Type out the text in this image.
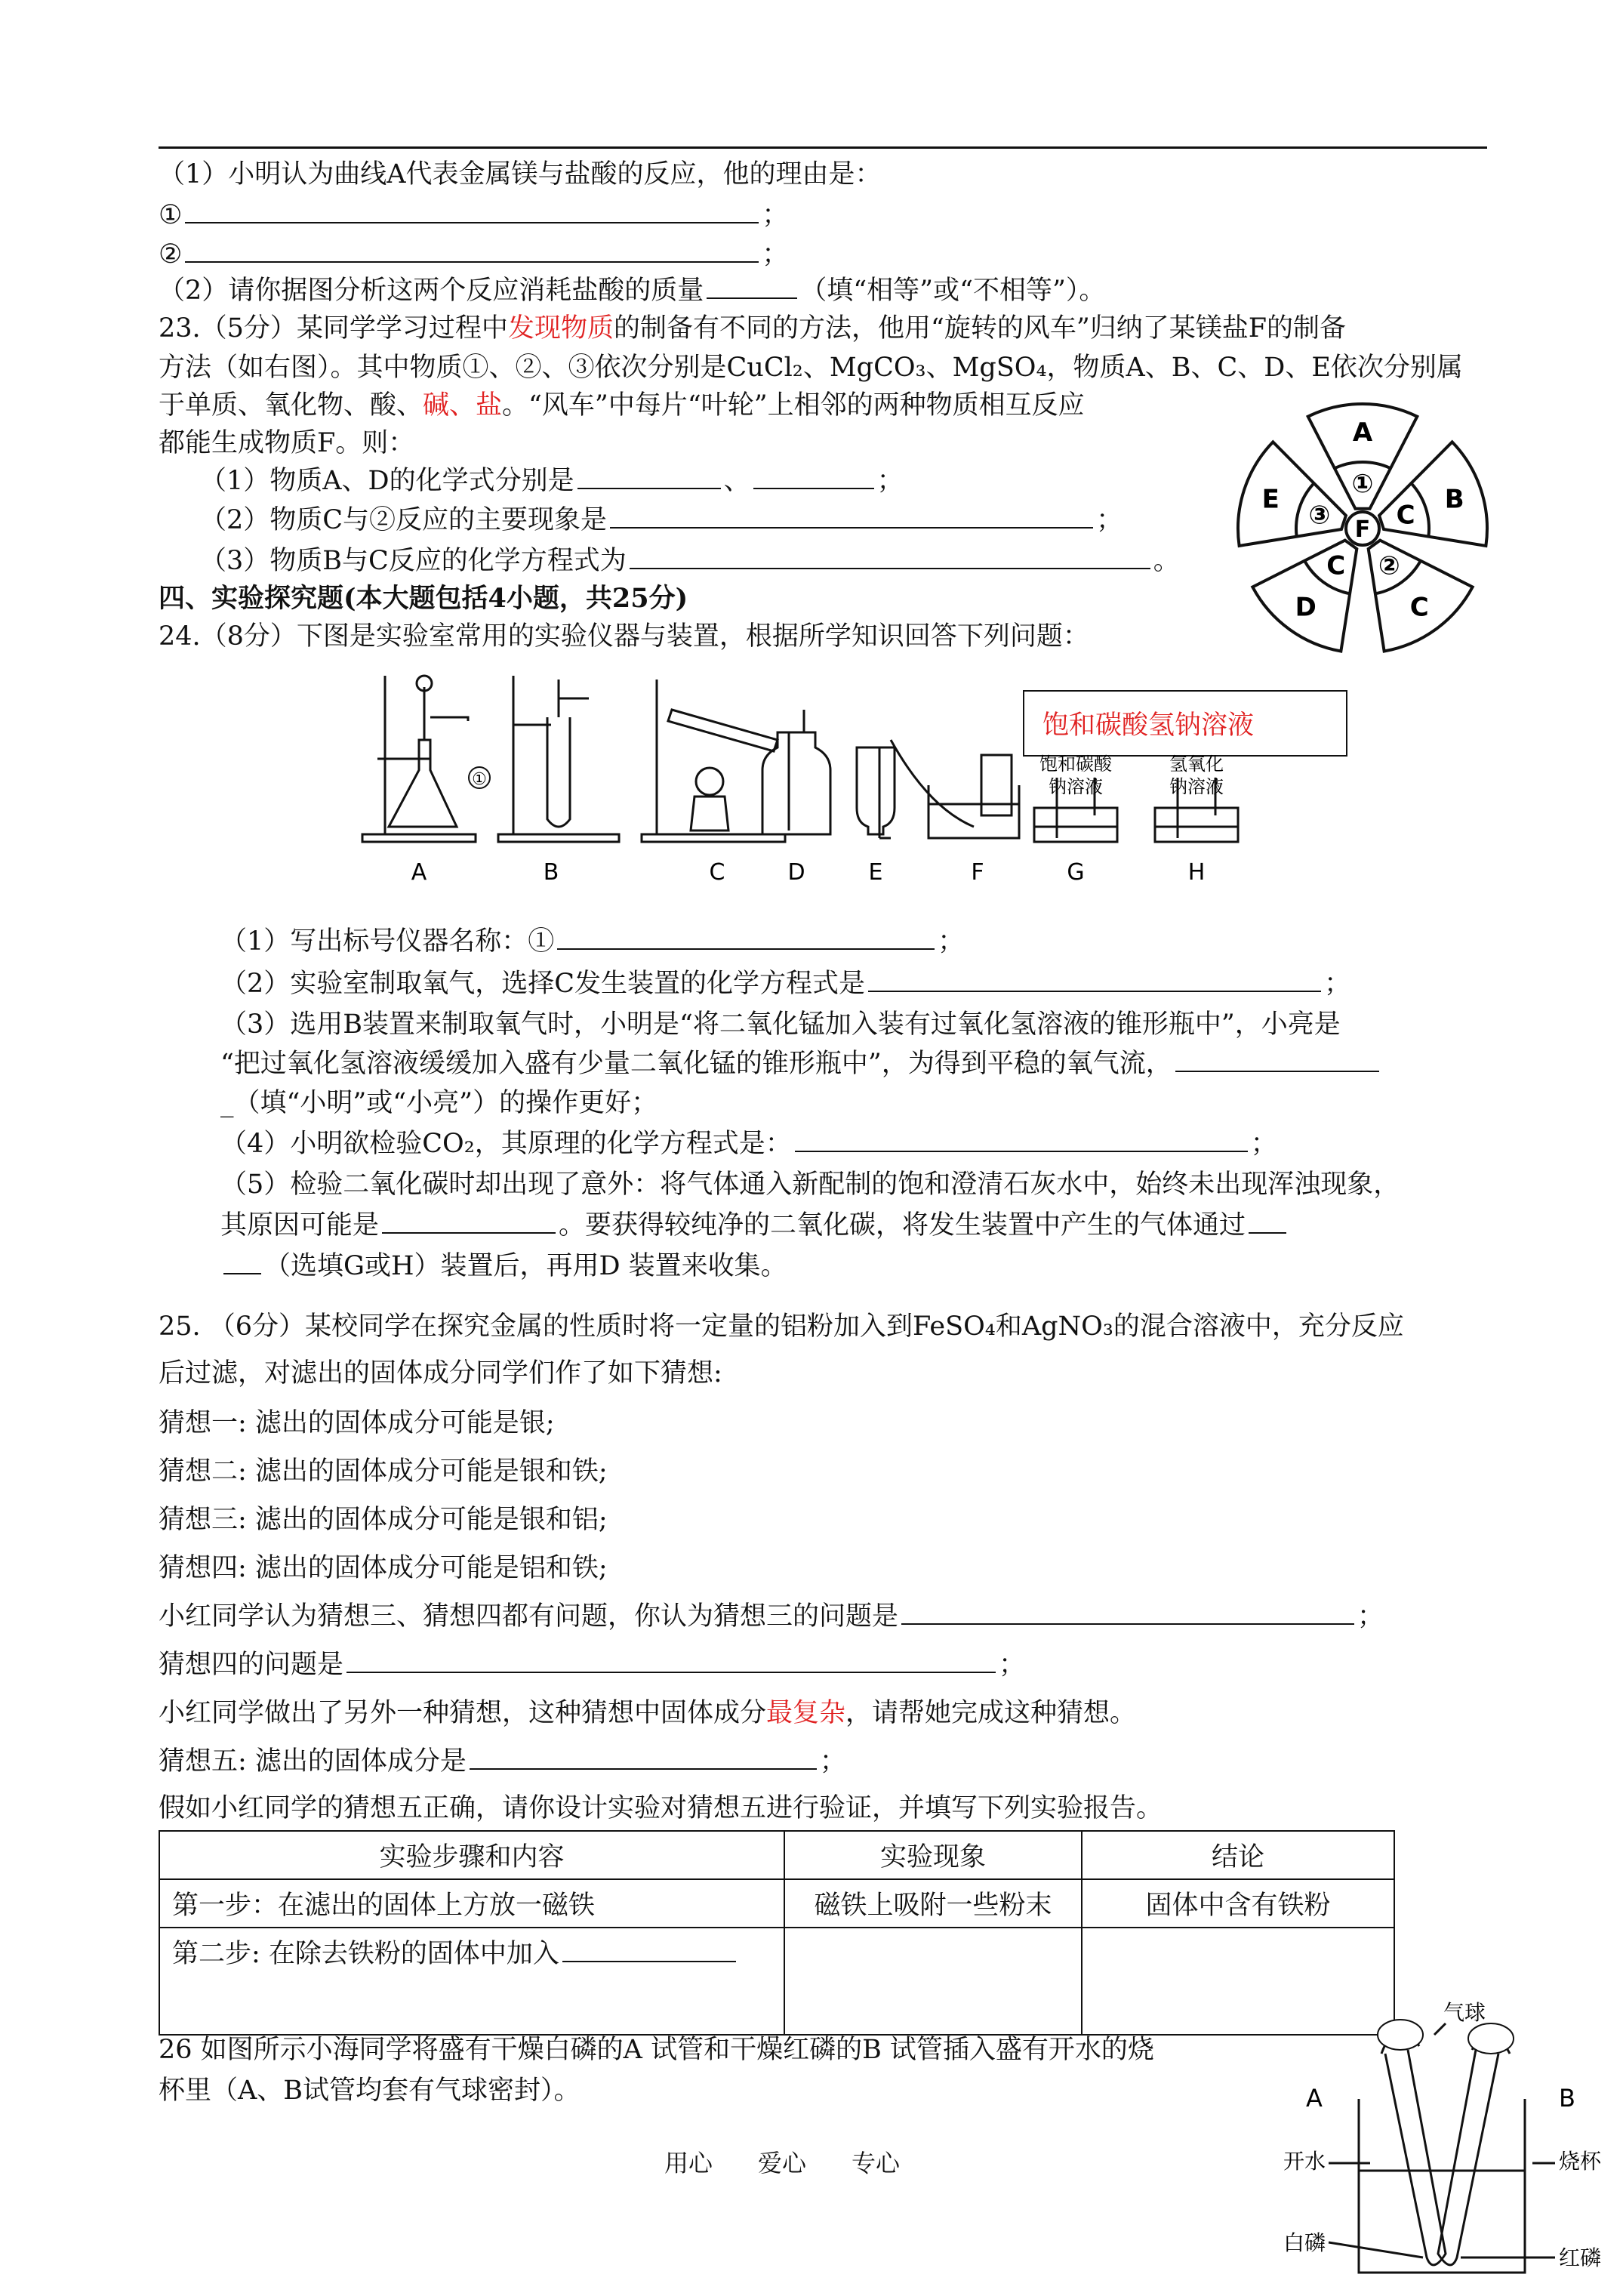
（1）小明认为曲线A代表金属镁与盐酸的反应，他的理由是：
①	；
②	；
（2）请你据图分析这两个反应消耗盐酸的质量	（填“相等”或“不相等”）。
23.（5分）某同学学习过程中发现物质的制备有不同的方法，他用“旋转的风车”归纳了某镁盐F的制备
方法（如右图）。其中物质①、②、③依次分别是CuCl₂、MgCO₃、MgSO₄，物质A、B、C、D、E依次分别属
于单质、氧化物、酸、碱、盐。“风车”中每片“叶轮”上相邻的两种物质相互反应
都能生成物质F。则：
（1）物质A、D的化学式分别是	、	；
（2）物质C与②反应的主要现象是	；
（3）物质B与C反应的化学方程式为	。
F
A
①
B
C
C
②
D
C
E
③
四、实验探究题(本大题包括4小题，共25分)
24.（8分）下图是实验室常用的实验仪器与装置，根据所学知识回答下列问题：
饱和碳酸氢钠溶液
①
饱和碳酸
钠溶液
氢氧化
钠溶液
A	B	C	D	E	F	G	H
（1）写出标号仪器名称：①	；
（2）实验室制取氧气，选择C发生装置的化学方程式是	；
（3）选用B装置来制取氧气时，小明是“将二氧化锰加入装有过氧化氢溶液的锥形瓶中”，小亮是
“把过氧化氢溶液缓缓加入盛有少量二氧化锰的锥形瓶中”，为得到平稳的氧气流，
_（填“小明”或“小亮”）的操作更好；
（4）小明欲检验CO₂，其原理的化学方程式是：	；
（5）检验二氧化碳时却出现了意外：将气体通入新配制的饱和澄清石灰水中，始终未出现浑浊现象，
其原因可能是	。要获得较纯净的二氧化碳，将发生装置中产生的气体通过
（选填G或H）装置后，再用D 装置来收集。
25. （6分）某校同学在探究金属的性质时将一定量的铝粉加入到FeSO₄和AgNO₃的混合溶液中，充分反应
后过滤，对滤出的固体成分同学们作了如下猜想:
猜想一: 滤出的固体成分可能是银;
猜想二: 滤出的固体成分可能是银和铁;
猜想三: 滤出的固体成分可能是银和铝;
猜想四: 滤出的固体成分可能是铝和铁;
小红同学认为猜想三、猜想四都有问题，你认为猜想三的问题是	；
猜想四的问题是	；
小红同学做出了另外一种猜想，这种猜想中固体成分最复杂，请帮她完成这种猜想。
猜想五: 滤出的固体成分是	；
假如小红同学的猜想五正确，请你设计实验对猜想五进行验证，并填写下列实验报告。
实验步骤和内容	实验现象	结论
第一步：在滤出的固体上方放一磁铁	磁铁上吸附一些粉末	固体中含有铁粉
第二步: 在除去铁粉的固体中加入		
26 如图所示小海同学将盛有干燥白磷的A 试管和干燥红磷的B 试管插入盛有开水的烧
杯里（A、B试管均套有气球密封）。
气球
A	B
开水	烧杯
白磷
红磷
用心 爱心 专心
